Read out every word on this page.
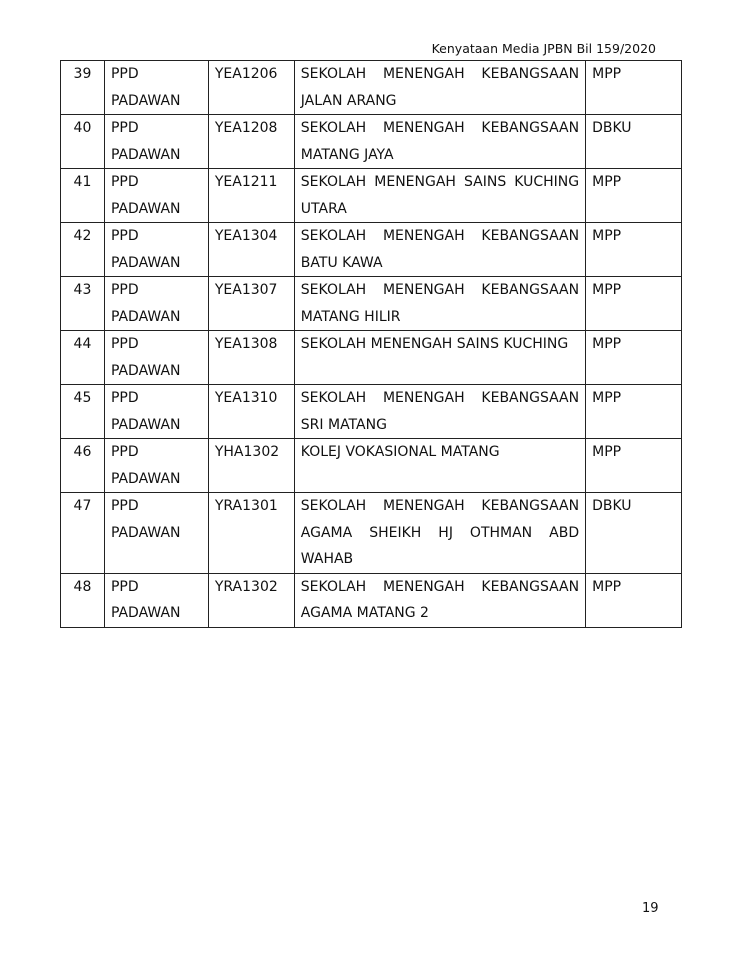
Kenyataan Media JPBN Bil 159/2020
39	PPD PADAWAN	YEA1206	SEKOLAH MENENGAH KEBANGSAAN JALAN ARANG	MPP
40	PPD PADAWAN	YEA1208	SEKOLAH MENENGAH KEBANGSAAN MATANG JAYA	DBKU
41	PPD PADAWAN	YEA1211	SEKOLAH MENENGAH SAINS KUCHING UTARA	MPP
42	PPD PADAWAN	YEA1304	SEKOLAH MENENGAH KEBANGSAAN BATU KAWA	MPP
43	PPD PADAWAN	YEA1307	SEKOLAH MENENGAH KEBANGSAAN MATANG HILIR	MPP
44	PPD PADAWAN	YEA1308	SEKOLAH MENENGAH SAINS KUCHING	MPP
45	PPD PADAWAN	YEA1310	SEKOLAH MENENGAH KEBANGSAAN SRI MATANG	MPP
46	PPD PADAWAN	YHA1302	KOLEJ VOKASIONAL MATANG	MPP
47	PPD PADAWAN	YRA1301	SEKOLAH MENENGAH KEBANGSAAN AGAMA SHEIKH HJ OTHMAN ABD WAHAB	DBKU
48	PPD PADAWAN	YRA1302	SEKOLAH MENENGAH KEBANGSAAN AGAMA MATANG 2	MPP
19
